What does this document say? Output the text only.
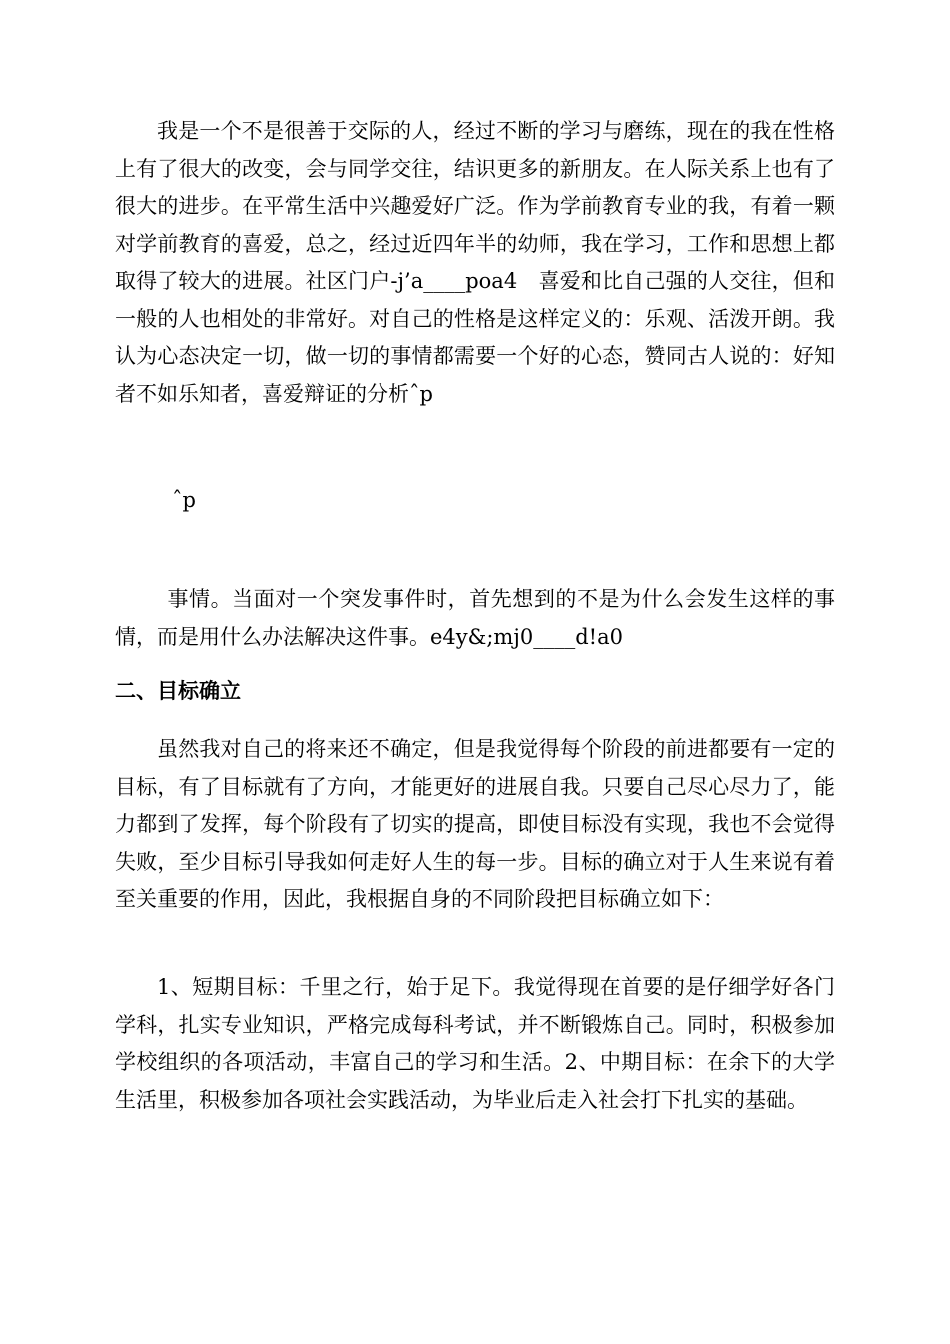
我是一个不是很善于交际的人，经过不断的学习与磨练，现在的我在性格上有了很大的改变，会与同学交往，结识更多的新朋友。在人际关系上也有了很大的进步。在平常生活中兴趣爱好广泛。作为学前教育专业的我，有着一颗对学前教育的喜爱，总之，经过近四年半的幼师，我在学习，工作和思想上都取得了较大的进展。社区门户-j’a____poa4　喜爱和比自己强的人交往，但和一般的人也相处的非常好。对自己的性格是这样定义的：乐观、活泼开朗。我认为心态决定一切，做一切的事情都需要一个好的心态，赞同古人说的：好知者不如乐知者，喜爱辩证的分析ˆp

ˆp

事情。当面对一个突发事件时，首先想到的不是为什么会发生这样的事情，而是用什么办法解决这件事。e4y&;mj0____d!a0

二、目标确立

虽然我对自己的将来还不确定，但是我觉得每个阶段的前进都要有一定的目标，有了目标就有了方向，才能更好的进展自我。只要自己尽心尽力了，能力都到了发挥，每个阶段有了切实的提高，即使目标没有实现，我也不会觉得失败，至少目标引导我如何走好人生的每一步。目标的确立对于人生来说有着至关重要的作用，因此，我根据自身的不同阶段把目标确立如下：

1、短期目标：千里之行，始于足下。我觉得现在首要的是仔细学好各门学科，扎实专业知识，严格完成每科考试，并不断锻炼自己。同时，积极参加学校组织的各项活动，丰富自己的学习和生活。2、中期目标：在余下的大学生活里，积极参加各项社会实践活动，为毕业后走入社会打下扎实的基础。
